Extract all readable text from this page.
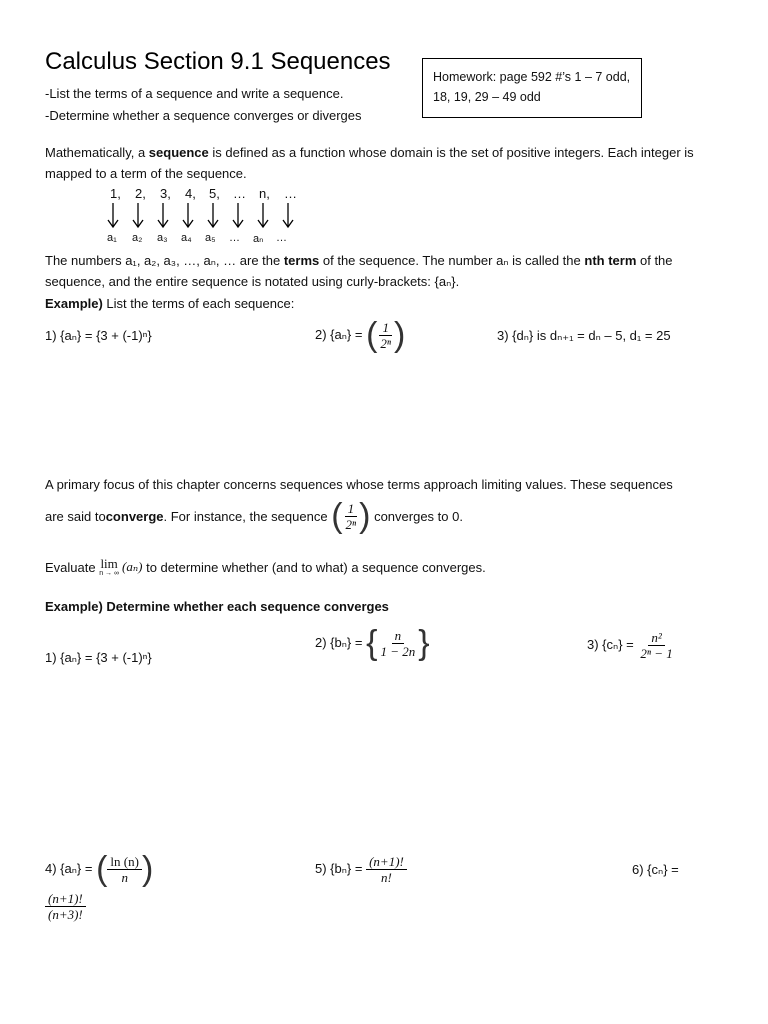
Calculus Section 9.1 Sequences
-List the terms of a sequence and write a sequence.
-Determine whether a sequence converges or diverges
Homework: page 592 #’s 1 – 7 odd,
18, 19, 29 – 49 odd
Mathematically, a sequence is defined as a function whose domain is the set of positive integers. Each integer is mapped to a term of the sequence.
1, 2, 3, 4, 5, … n, …
a₁ a₂ a₃ a₄ a₅ … aₙ …
The numbers a₁, a₂, a₃, …, aₙ, … are the terms of the sequence. The number aₙ is called the nth term of the sequence, and the entire sequence is notated using curly-brackets: {aₙ}.
Example) List the terms of each sequence:
1) {aₙ} = {3 + (-1)ⁿ}	2) {aₙ} =
( $\frac{1}{\text{2ⁿ}}$ )	3) {dₙ} is dₙ₊₁ = dₙ – 5, d₁ = 25
A primary focus of this chapter concerns sequences whose terms approach limiting values. These sequences
are said to converge . For instance, the sequence
( $\frac{1}{\text{2ⁿ}}$ )
converges to 0.
Evaluate
lim
n → ∞ (aₙ)
to determine whether (and to what) a sequence converges.
Example) Determine whether each sequence converges
1) {aₙ} = {3 + (-1)ⁿ}
2) {bₙ} =
{ $\frac{n}{1 - 2n}$ }	3) {cₙ} =
$\frac{\text{n²}}{\text{2ⁿ − 1}}$
4) {aₙ} =
( $\frac{\ln (n)}{n}$ )	5) {bₙ} =
$\frac{(n+1)!}{n!}$	6) {cₙ} =
$\frac{(n+1)!}{(n+3)!}$
